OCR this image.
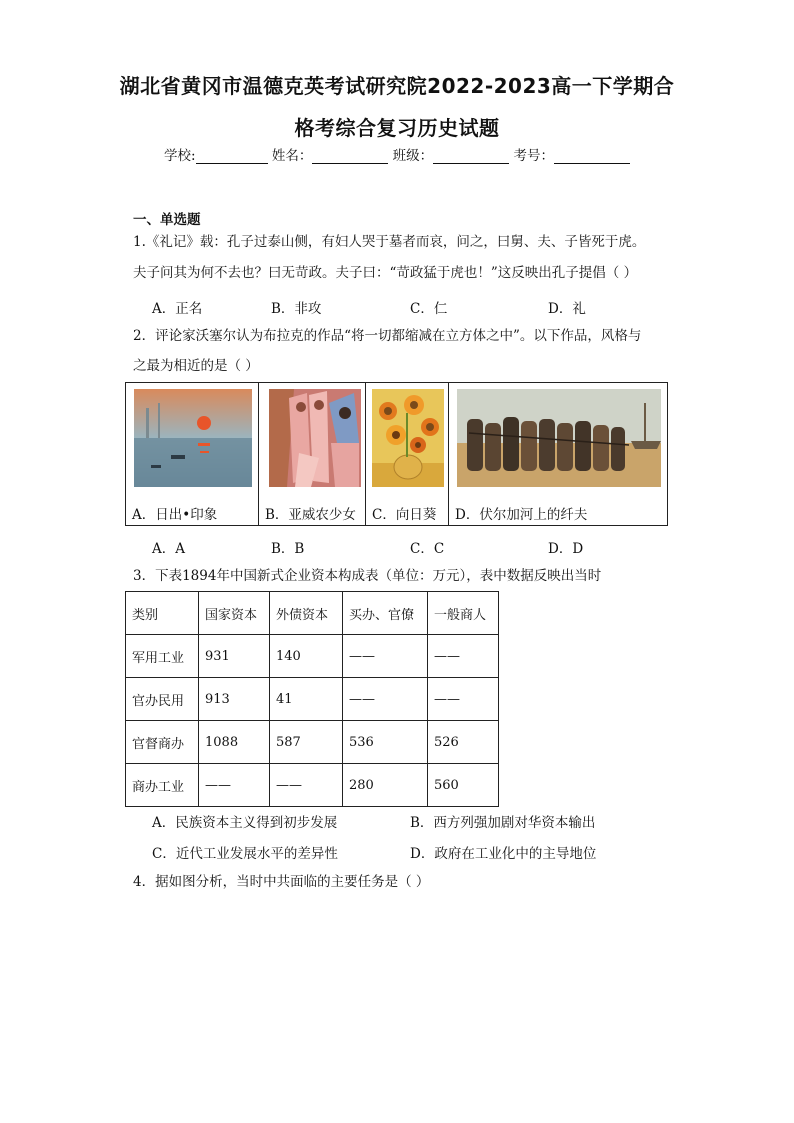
湖北省黄冈市温德克英考试研究院2022-2023高一下学期合
格考综合复习历史试题
学校:	姓名：	班级：	考号：
一、单选题
1.《礼记》载：孔子过泰山侧，有妇人哭于墓者而哀，问之，曰舅、夫、子皆死于虎。
夫子问其为何不去也？曰无苛政。夫子曰：“苛政猛于虎也！”这反映出孔子提倡（ ）
A．正名	B．非攻	C．仁	D．礼
2．评论家沃塞尔认为布拉克的作品“将一切都缩减在立方体之中”。以下作品，风格与
之最为相近的是（ ）
A．日出•印象	B．亚威农少女	C．向日葵	D．伏尔加河上的纤夫
A．A	B．B	C．C	D．D
3．下表1894年中国新式企业资本构成表（单位：万元），表中数据反映出当时
类别	国家资本	外债资本	买办、官僚	一般商人
军用工业	931	140	——	——
官办民用	913	41	——	——
官督商办	1088	587	536	526
商办工业	——	——	280	560
A．民族资本主义得到初步发展	B．西方列强加剧对华资本输出
C．近代工业发展水平的差异性	D．政府在工业化中的主导地位
4．据如图分析，当时中共面临的主要任务是（ ）
